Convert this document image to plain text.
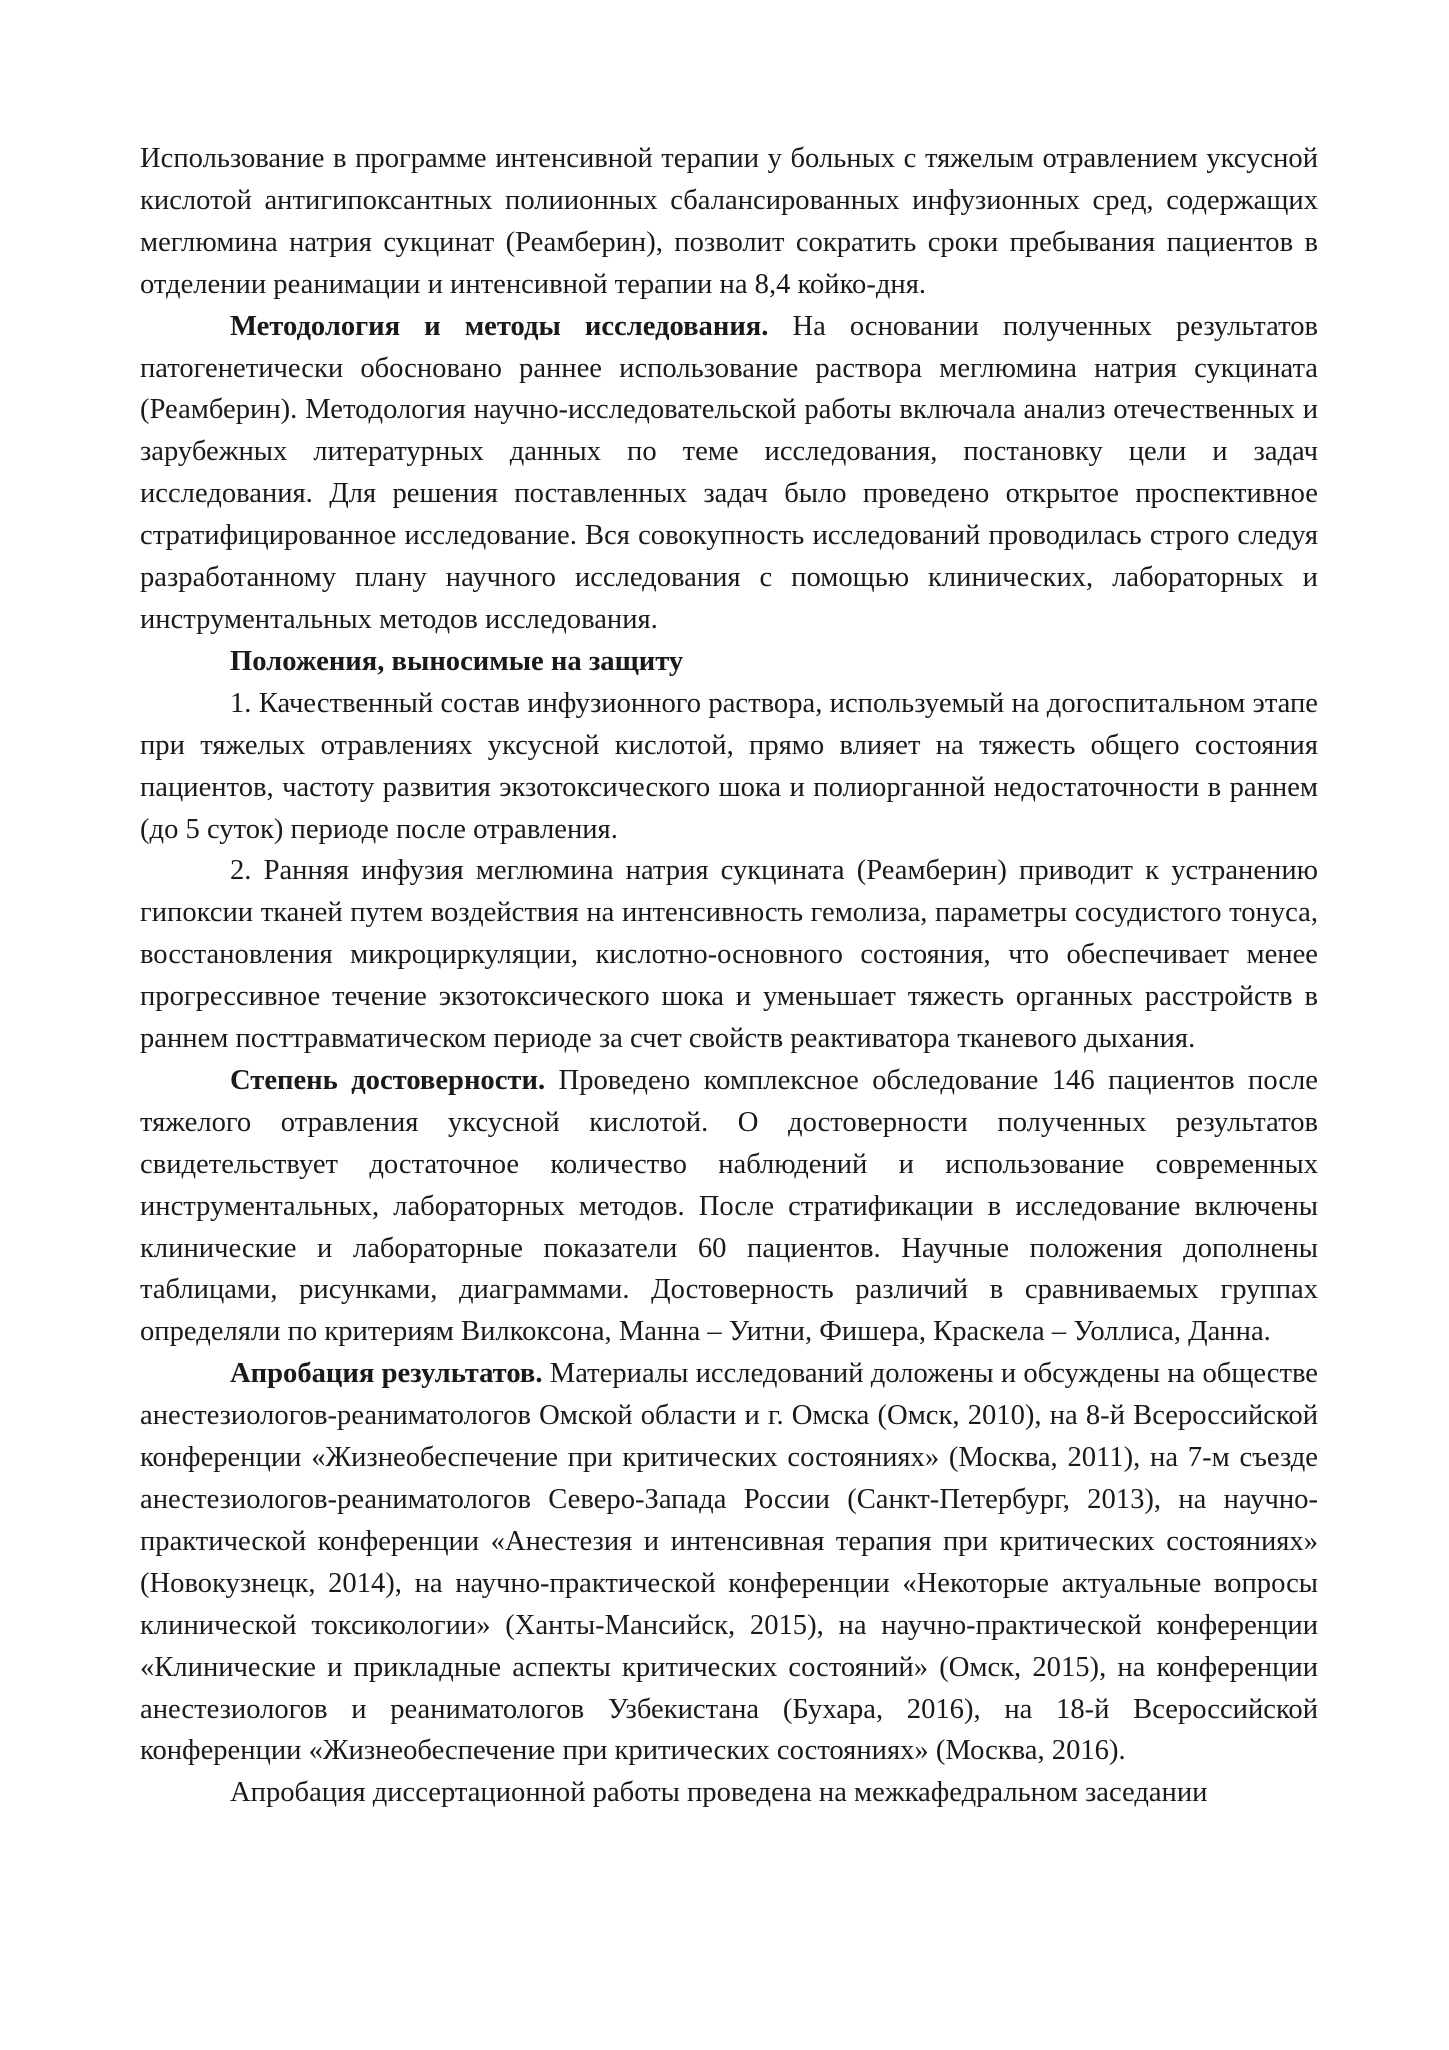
Использование в программе интенсивной терапии у больных с тяжелым отравлением уксусной кислотой антигипоксантных полиионных сбалансированных инфузионных сред, содержащих меглюмина натрия сукцинат (Реамберин), позволит сократить сроки пребывания пациентов в отделении реанимации и интенсивной терапии на 8,4 койко-дня.

Методология и методы исследования. На основании полученных результатов патогенетически обосновано раннее использование раствора меглюмина натрия сукцината (Реамберин). Методология научно-исследовательской работы включала анализ отечественных и зарубежных литературных данных по теме исследования, постановку цели и задач исследования. Для решения поставленных задач было проведено открытое проспективное стратифицированное исследование. Вся совокупность исследований проводилась строго следуя разработанному плану научного исследования с помощью клинических, лабораторных и инструментальных методов исследования.

Положения, выносимые на защиту

1. Качественный состав инфузионного раствора, используемый на догоспитальном этапе при тяжелых отравлениях уксусной кислотой, прямо влияет на тяжесть общего состояния пациентов, частоту развития экзотоксического шока и полиорганной недостаточности в раннем (до 5 суток) периоде после отравления.

2. Ранняя инфузия меглюмина натрия сукцината (Реамберин) приводит к устранению гипоксии тканей путем воздействия на интенсивность гемолиза, параметры сосудистого тонуса, восстановления микроциркуляции, кислотно-основного состояния, что обеспечивает менее прогрессивное течение экзотоксического шока и уменьшает тяжесть органных расстройств в раннем посттравматическом периоде за счет свойств реактиватора тканевого дыхания.

Степень достоверности. Проведено комплексное обследование 146 пациентов после тяжелого отравления уксусной кислотой. О достоверности полученных результатов свидетельствует достаточное количество наблюдений и использование современных инструментальных, лабораторных методов. После стратификации в исследование включены клинические и лабораторные показатели 60 пациентов. Научные положения дополнены таблицами, рисунками, диаграммами. Достоверность различий в сравниваемых группах определяли по критериям Вилкоксона, Манна – Уитни, Фишера, Краскела – Уоллиса, Данна.

Апробация результатов. Материалы исследований доложены и обсуждены на обществе анестезиологов-реаниматологов Омской области и г. Омска (Омск, 2010), на 8-й Всероссийской конференции «Жизнеобеспечение при критических состояниях» (Москва, 2011), на 7-м съезде анестезиологов-реаниматологов Северо-Запада России (Санкт-Петербург, 2013), на научно-практической конференции «Анестезия и интенсивная терапия при критических состояниях» (Новокузнецк, 2014), на научно-практической конференции «Некоторые актуальные вопросы клинической токсикологии» (Ханты-Мансийск, 2015), на научно-практической конференции «Клинические и прикладные аспекты критических состояний» (Омск, 2015), на конференции анестезиологов и реаниматологов Узбекистана (Бухара, 2016), на 18-й Всероссийской конференции «Жизнеобеспечение при критических состояниях» (Москва, 2016).

Апробация диссертационной работы проведена на межкафедральном заседании
